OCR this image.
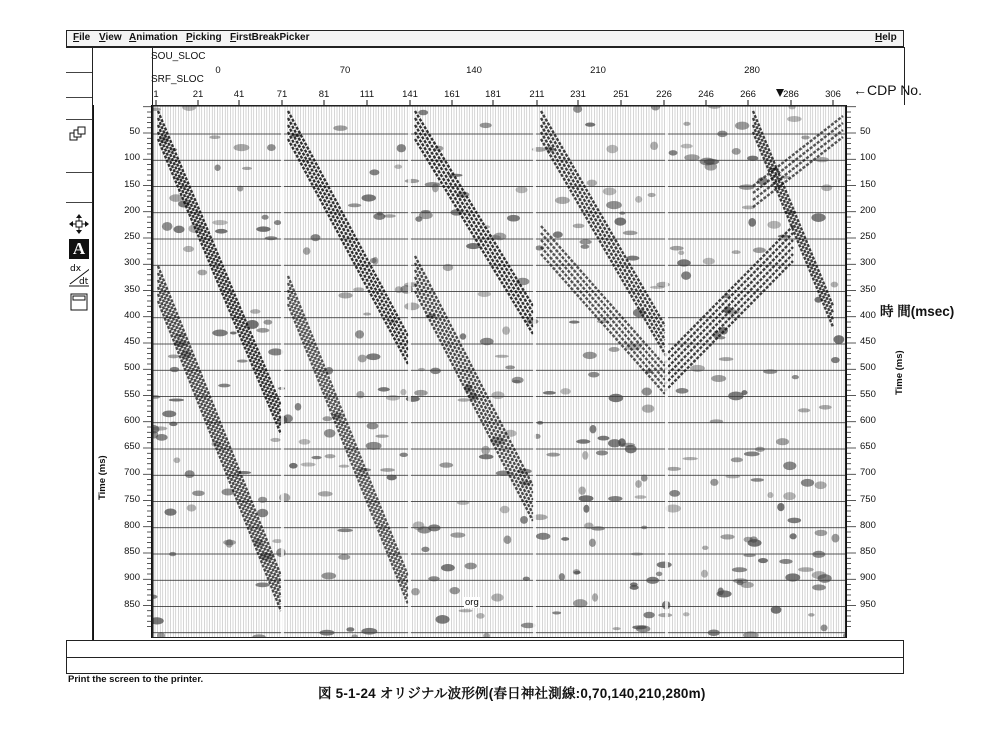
File View Animation Picking FirstBreakPicker	Help
SOU_SLOC
SRF_SLOC
0	70	140	210	280
1	21	41	71	81	111	141	161	181	211	231	251	226	246	266	286	306 ←CDP No.
A
dx
dt
Time (ms)
50
100
150
200
250
300
350
400
450
500
550
600
650
700
750
800
850
900
850
50
100
150
200
250
300
350
400
450
500
550
600
650
700
750
800
850
900
950
Time (ms)
時 間(msec)
org
Print the screen to the printer.
図 5-1-24 オリジナル波形例(春日神社測線:0,70,140,210,280m)
